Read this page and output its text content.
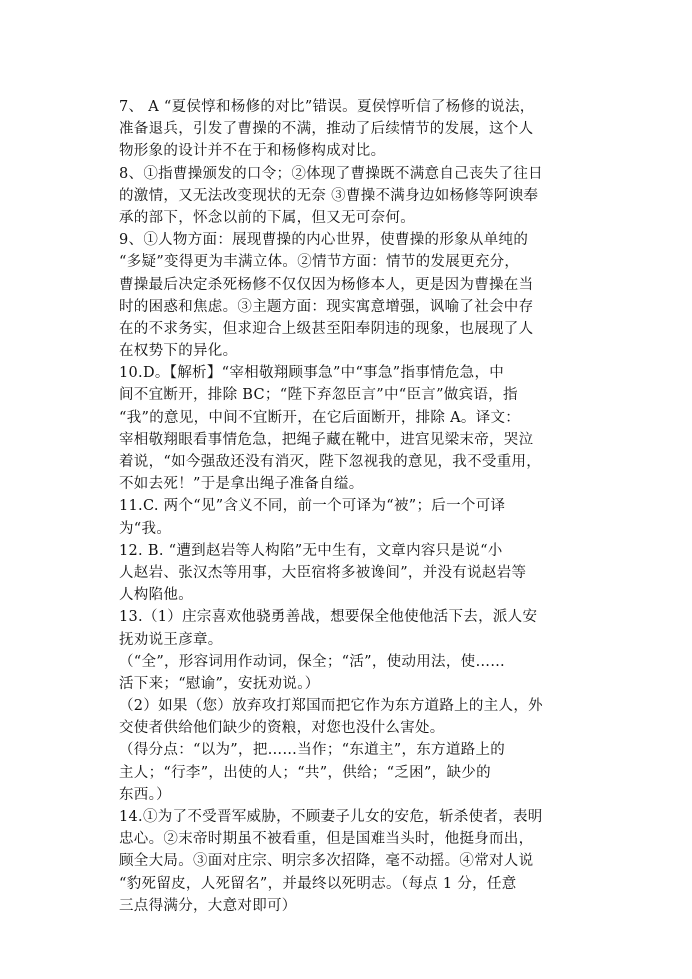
7、 A “夏侯惇和杨修的对比”错误。夏侯惇听信了杨修的说法，
准备退兵，引发了曹操的不满，推动了后续情节的发展，这个人
物形象的设计并不在于和杨修构成对比。
8、①指曹操颁发的口令；②体现了曹操既不满意自己丧失了往日
的激情，又无法改变现状的无奈 ③曹操不满身边如杨修等阿谀奉
承的部下，怀念以前的下属，但又无可奈何。
9、①人物方面：展现曹操的内心世界，使曹操的形象从单纯的
“多疑”变得更为丰满立体。②情节方面：情节的发展更充分，
曹操最后决定杀死杨修不仅仅因为杨修本人，更是因为曹操在当
时的困惑和焦虑。③主题方面：现实寓意增强，讽喻了社会中存
在的不求务实，但求迎合上级甚至阳奉阴违的现象，也展现了人
在权势下的异化。
10.D。【解析】“宰相敬翔顾事急”中“事急”指事情危急，中
间不宜断开，排除 BC；“陛下弃忽臣言”中“臣言”做宾语，指
“我”的意见，中间不宜断开，在它后面断开，排除 A。译文：
宰相敬翔眼看事情危急，把绳子藏在靴中，进宫见梁末帝，哭泣
着说，“如今强敌还没有消灭，陛下忽视我的意见，我不受重用，
不如去死！”于是拿出绳子准备自缢。
11.C. 两个“见”含义不同，前一个可译为“被”；后一个可译
为“我。
12. B. “遭到赵岩等人构陷”无中生有，文章内容只是说“小
人赵岩、张汉杰等用事，大臣宿将多被谗间”，并没有说赵岩等
人构陷他。
13.（1）庄宗喜欢他骁勇善战，想要保全他使他活下去，派人安
抚劝说王彦章。
（“全”，形容词用作动词，保全；“活”，使动用法，使……
活下来；“慰谕”，安抚劝说。）
（2）如果（您）放弃攻打郑国而把它作为东方道路上的主人，外
交使者供给他们缺少的资粮，对您也没什么害处。
（得分点：“以为”，把……当作；“东道主”，东方道路上的
主人；“行李”，出使的人；“共”，供给；“乏困”，缺少的
东西。）
14.①为了不受晋军威胁，不顾妻子儿女的安危，斩杀使者，表明
忠心。②末帝时期虽不被看重，但是国难当头时，他挺身而出，
顾全大局。③面对庄宗、明宗多次招降，毫不动摇。④常对人说
“豹死留皮，人死留名”，并最终以死明志。（每点 1 分，任意
三点得满分，大意对即可）
